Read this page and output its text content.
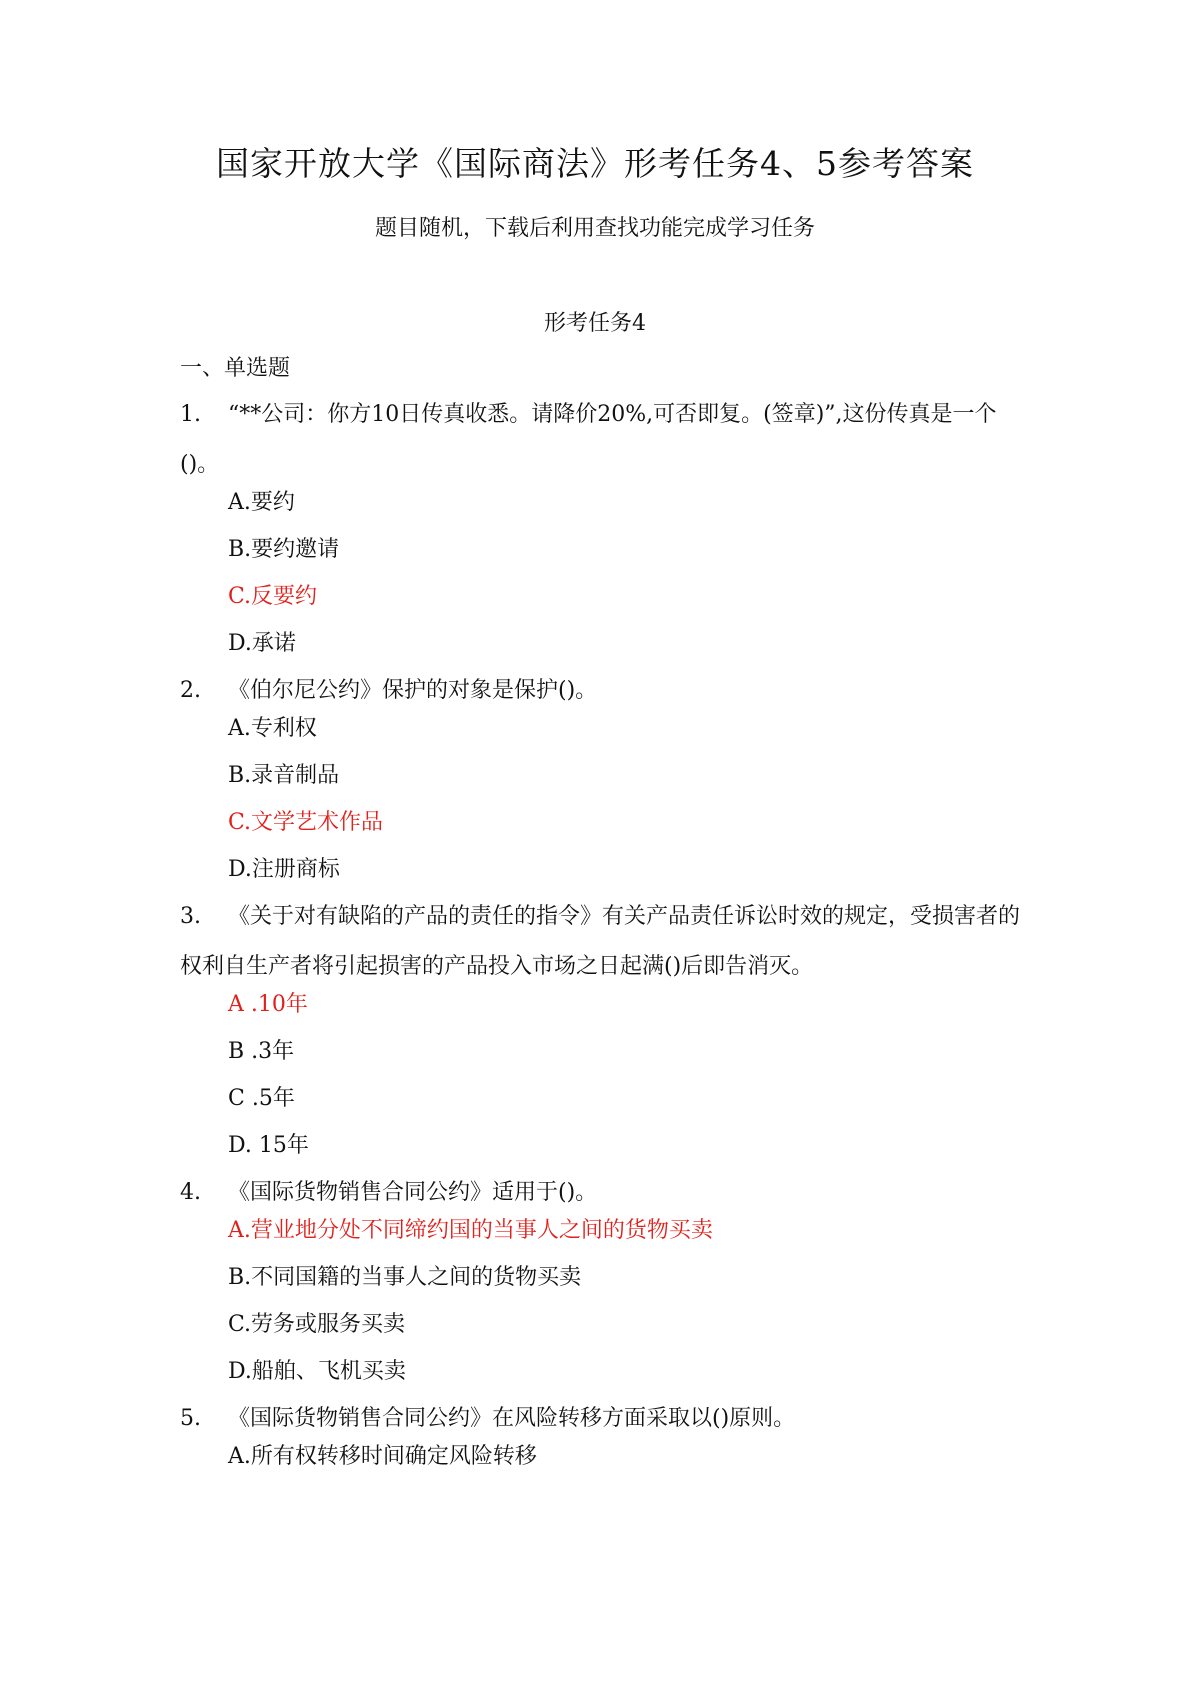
国家开放大学《国际商法》形考任务4、5参考答案
题目随机，下载后利用查找功能完成学习任务
形考任务4
一、单选题
1. “**公司：你方10日传真收悉。请降价20%,可否即复。(签章)”,这份传真是一个()。
A.要约
B.要约邀请
C.反要约
D.承诺
2. 《伯尔尼公约》保护的对象是保护()。
A.专利权
B.录音制品
C.文学艺术作品
D.注册商标
3. 《关于对有缺陷的产品的责任的指令》有关产品责任诉讼时效的规定，受损害者的权利自生产者将引起损害的产品投入市场之日起满()后即告消灭。
A .10年
B .3年
C .5年
D. 15年
4. 《国际货物销售合同公约》适用于()。
A.营业地分处不同缔约国的当事人之间的货物买卖
B.不同国籍的当事人之间的货物买卖
C.劳务或服务买卖
D.船舶、飞机买卖
5. 《国际货物销售合同公约》在风险转移方面采取以()原则。
A.所有权转移时间确定风险转移
